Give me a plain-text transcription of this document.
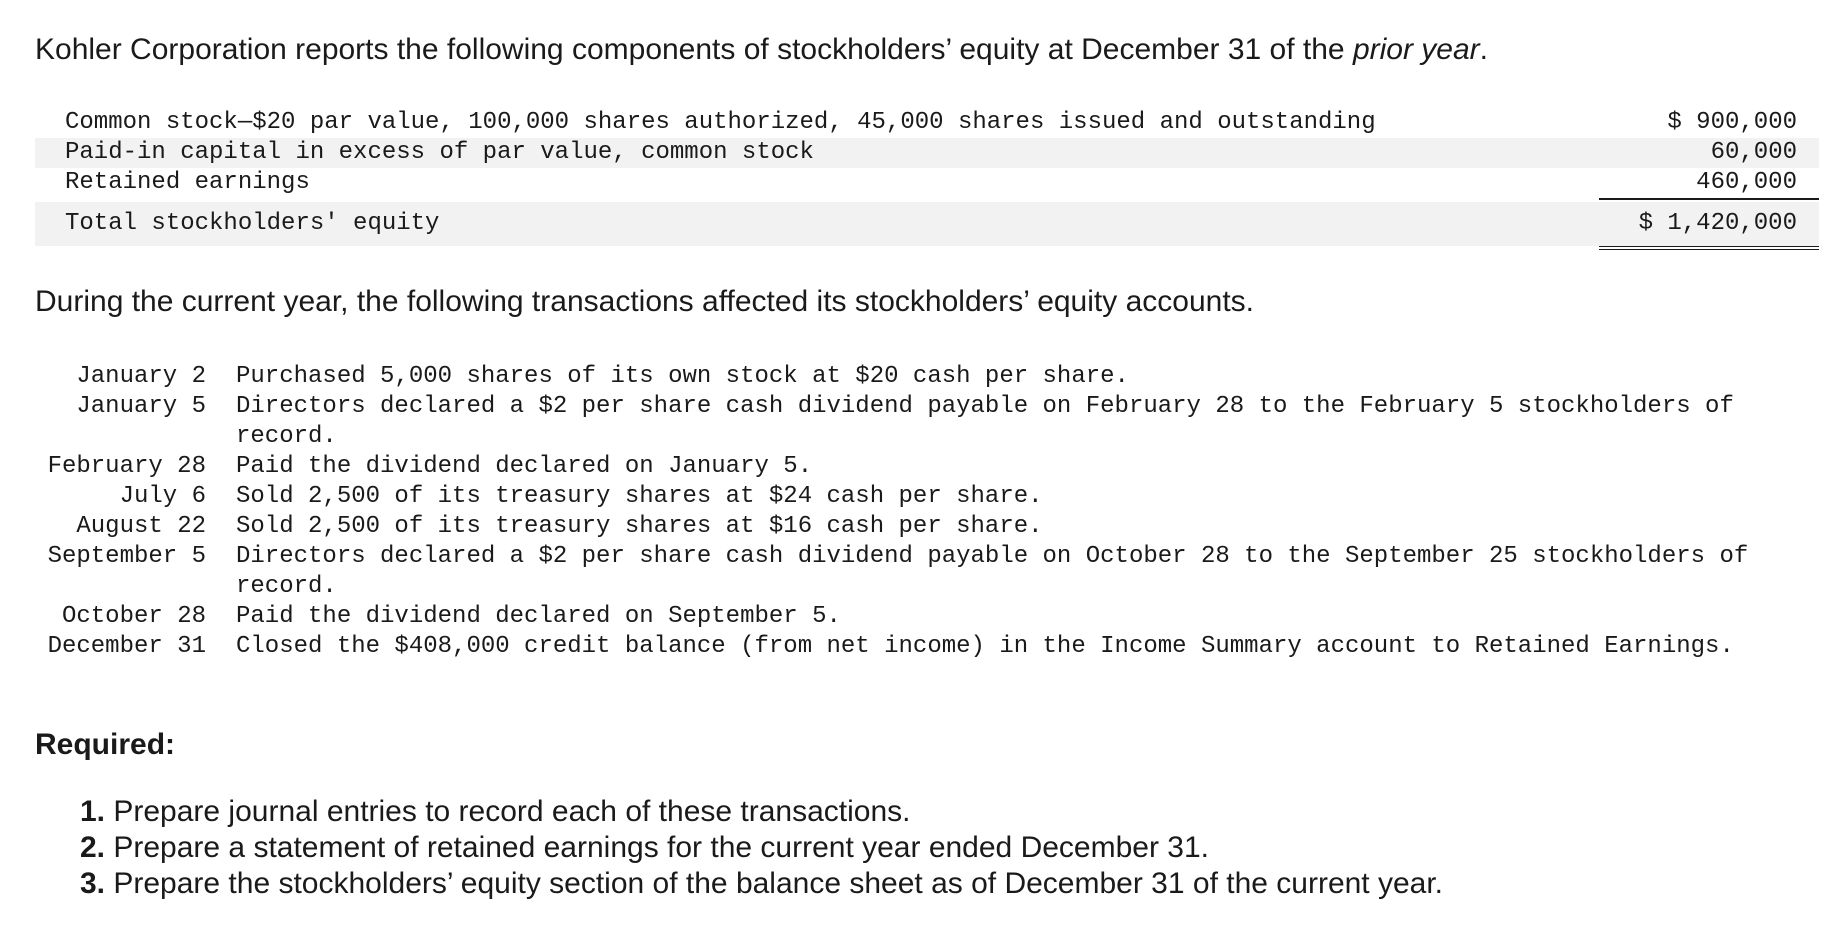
Kohler Corporation reports the following components of stockholders’ equity at December 31 of the prior year.
Common stock—$20 par value, 100,000 shares authorized, 45,000 shares issued and outstanding	$ 900,000
Paid-in capital in excess of par value, common stock	60,000
Retained earnings	460,000
Total stockholders' equity	$ 1,420,000
During the current year, the following transactions affected its stockholders’ equity accounts.
January 2 Purchased 5,000 shares of its own stock at $20 cash per share.
January 5 Directors declared a $2 per share cash dividend payable on February 28 to the February 5 stockholders of record.
February 28 Paid the dividend declared on January 5.
July 6 Sold 2,500 of its treasury shares at $24 cash per share.
August 22 Sold 2,500 of its treasury shares at $16 cash per share.
September 5 Directors declared a $2 per share cash dividend payable on October 28 to the September 25 stockholders of record.
October 28 Paid the dividend declared on September 5.
December 31 Closed the $408,000 credit balance (from net income) in the Income Summary account to Retained Earnings.
Required:
1. Prepare journal entries to record each of these transactions.
2. Prepare a statement of retained earnings for the current year ended December 31.
3. Prepare the stockholders’ equity section of the balance sheet as of December 31 of the current year.
